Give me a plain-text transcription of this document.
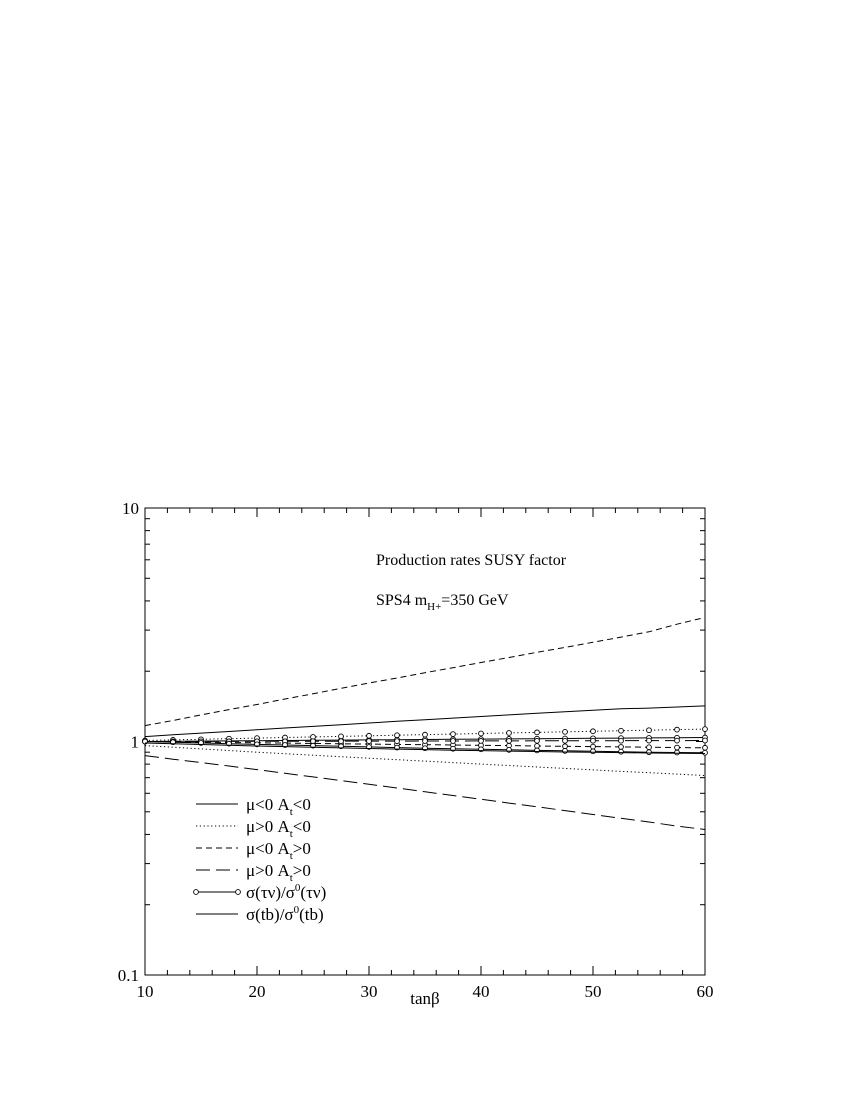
10	20	30	40	50	60
0.1
1
10
Production rates SUSY factor
SPS4 $m_{H+}=350$ GeV
μ<0 $A_t<0$
μ>0 $A_t<0$
μ<0 $A_t>0$
μ>0 $A_t>0$
$\sigma(\tau\nu)/\sigma^0(\tau\nu)$
$\sigma(tb)/\sigma^0(tb)$
tanβ
